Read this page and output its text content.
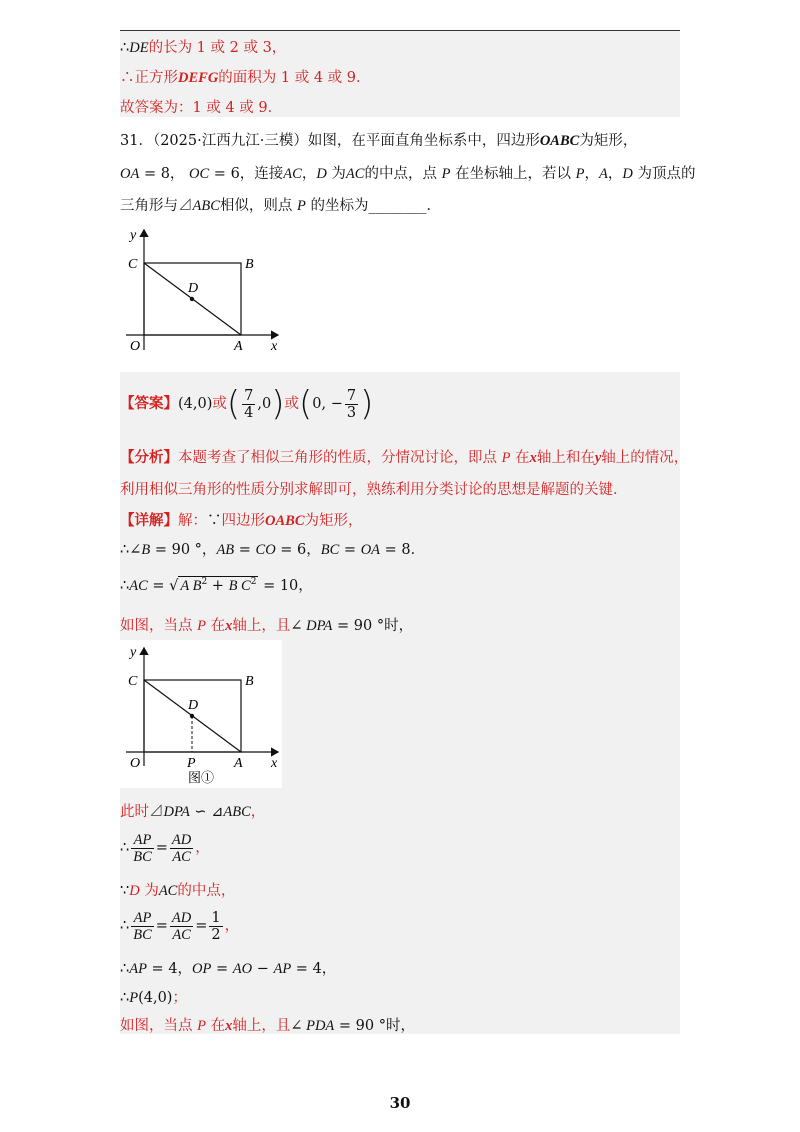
∴DE的长为 1 或 2 或 3，
∴正方形DEFG的面积为 1 或 4 或 9．
故答案为：1 或 4 或 9．
31．（2025·江西九江·三模）如图，在平面直角坐标系中，四边形OABC为矩形，
OA = 8， OC = 6，连接AC，D 为AC的中点，点 P 在坐标轴上，若以 P，A，D 为顶点的
三角形与⊿ABC相似，则点 P 的坐标为________．
y
C	B
D
O	A x
【答案】(4,0)或( $\frac{7}{4} ,0$)或(0, − $\frac{7}{3}$ )
【分析】本题考查了相似三角形的性质，分情况讨论，即点 P 在x轴上和在y轴上的情况，
利用相似三角形的性质分别求解即可，熟练利用分类讨论的思想是解题的关键．
【详解】解：∵四边形OABC为矩形，
∴∠B = 90 °，AB = CO = 6，BC = OA = 8．
∴AC = √ A $B^2 + B$ $C^2 = 10$，
如图，当点 P 在x轴上，且∠ DPA = 90 °时，
y
C	B
D
O	P	A x
图①
此时⊿DPA ∽ ⊿ABC，
∴ $\frac{AP}{BC} = \frac{AD}{AC}$ ，
∵D 为AC的中点，
∴ $\frac{AP}{BC} = \frac{AD}{AC} = \frac{1}{2}$ ，
∴AP = 4，OP = AO − AP = 4，
∴P(4,0)；
如图，当点 P 在x轴上，且∠ PDA = 90 °时，
30
